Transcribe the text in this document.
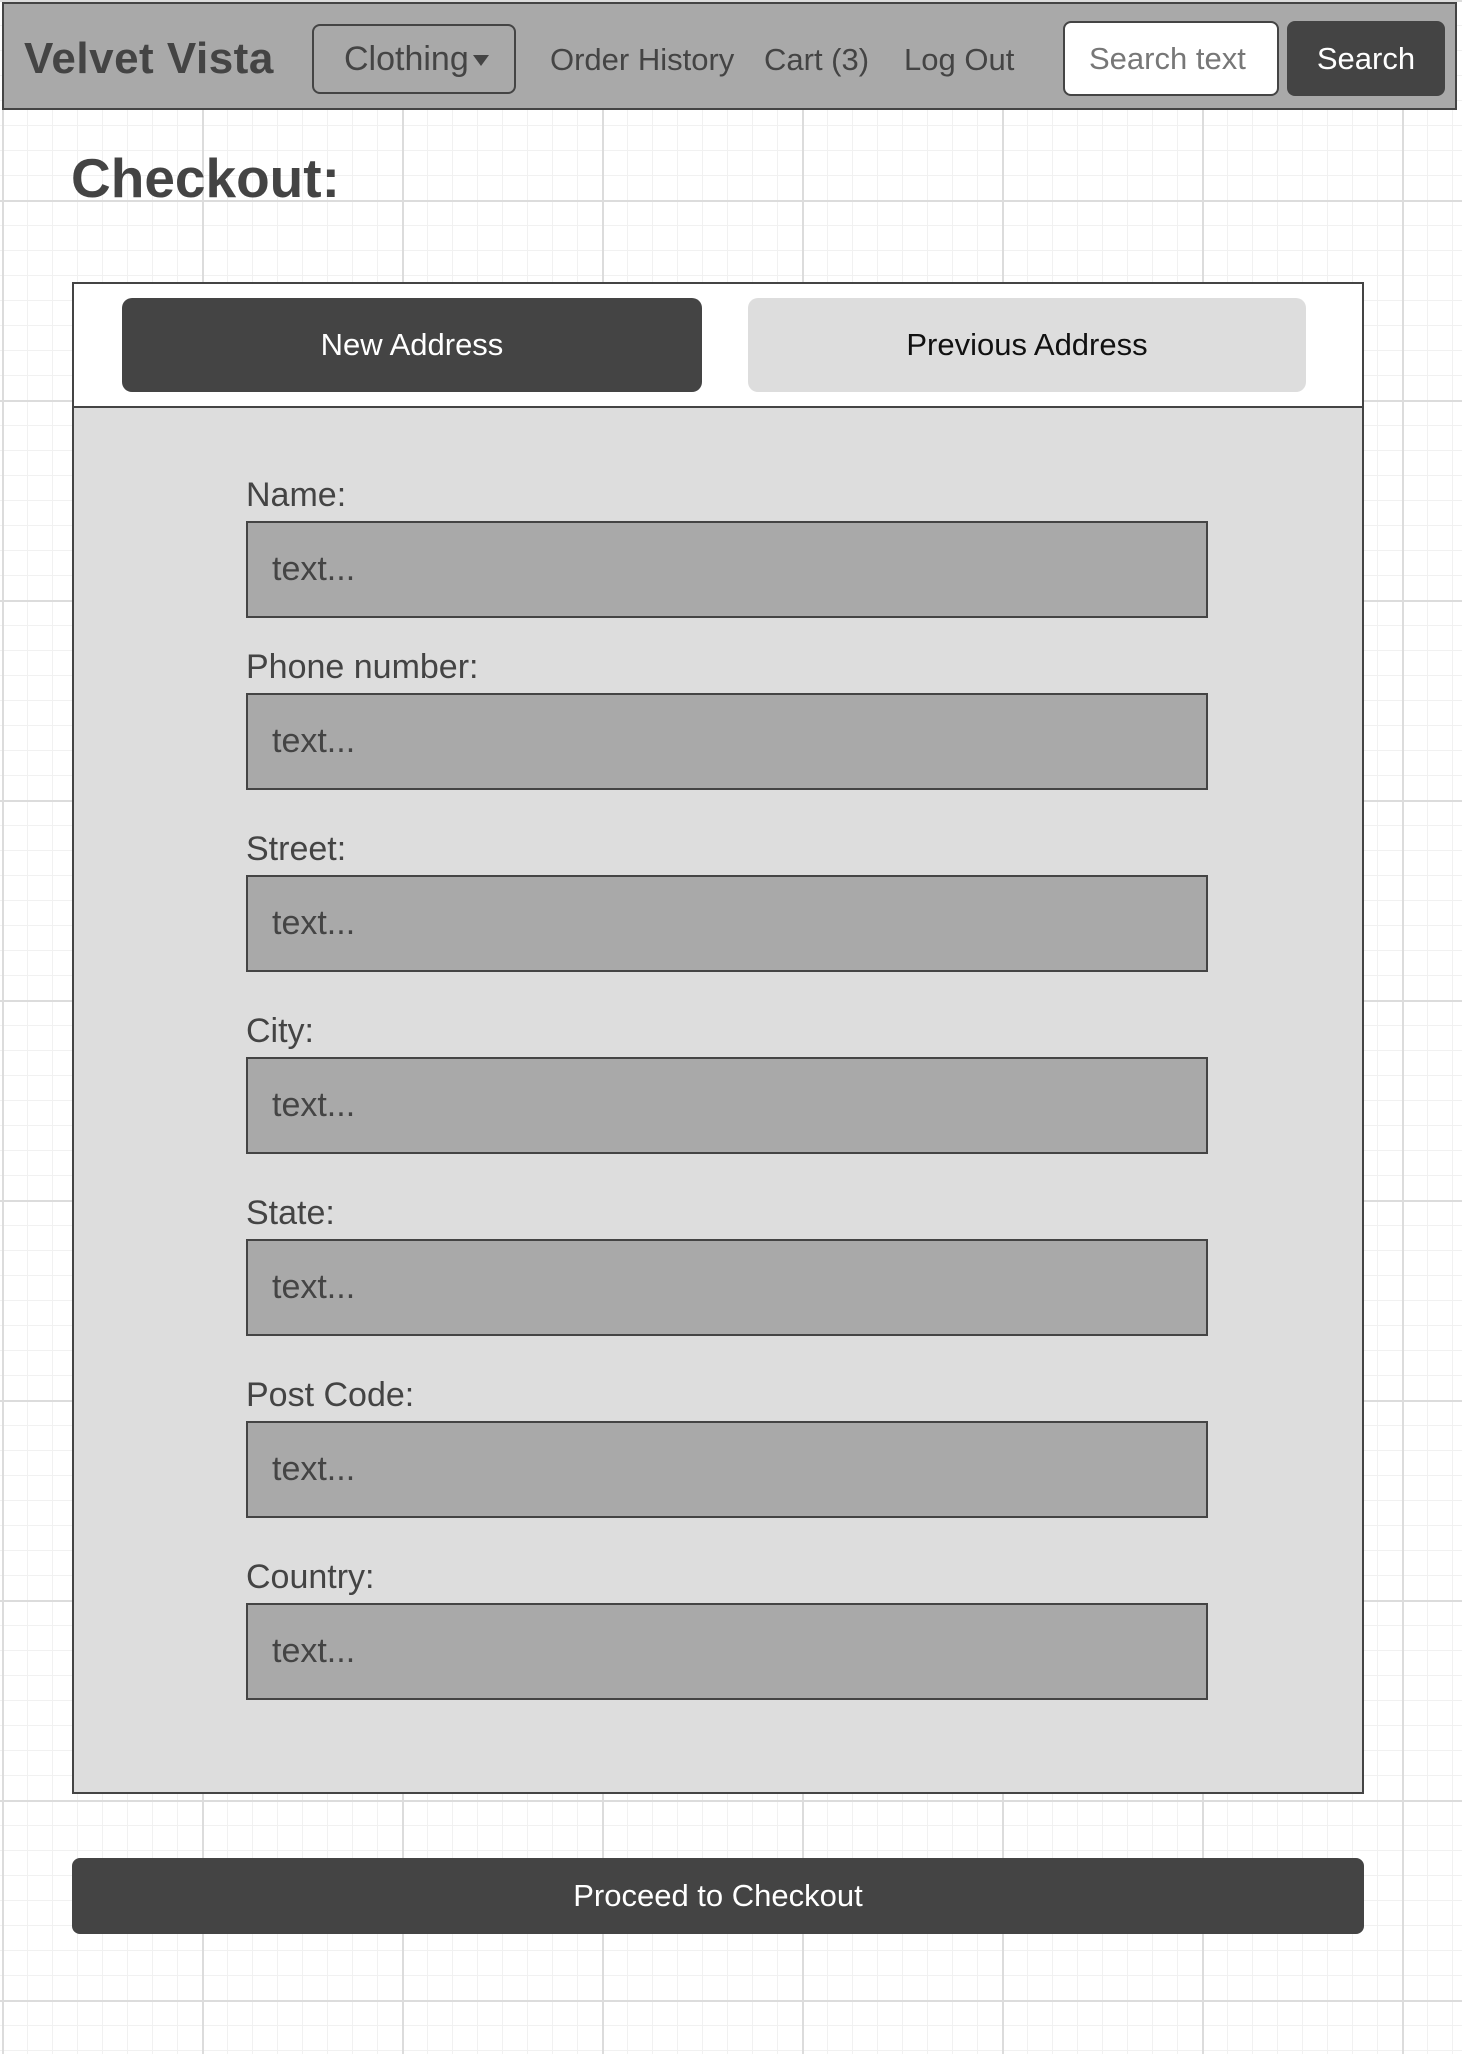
Velvet Vista Clothing	Order History Cart (3) Log Out
Search text	Search
Checkout:
New Address	Previous Address
Name:
text...
Phone number:
text...
Street:
text...
City:
text...
State:
text...
Post Code:
text...
Country:
text...
Proceed to Checkout
